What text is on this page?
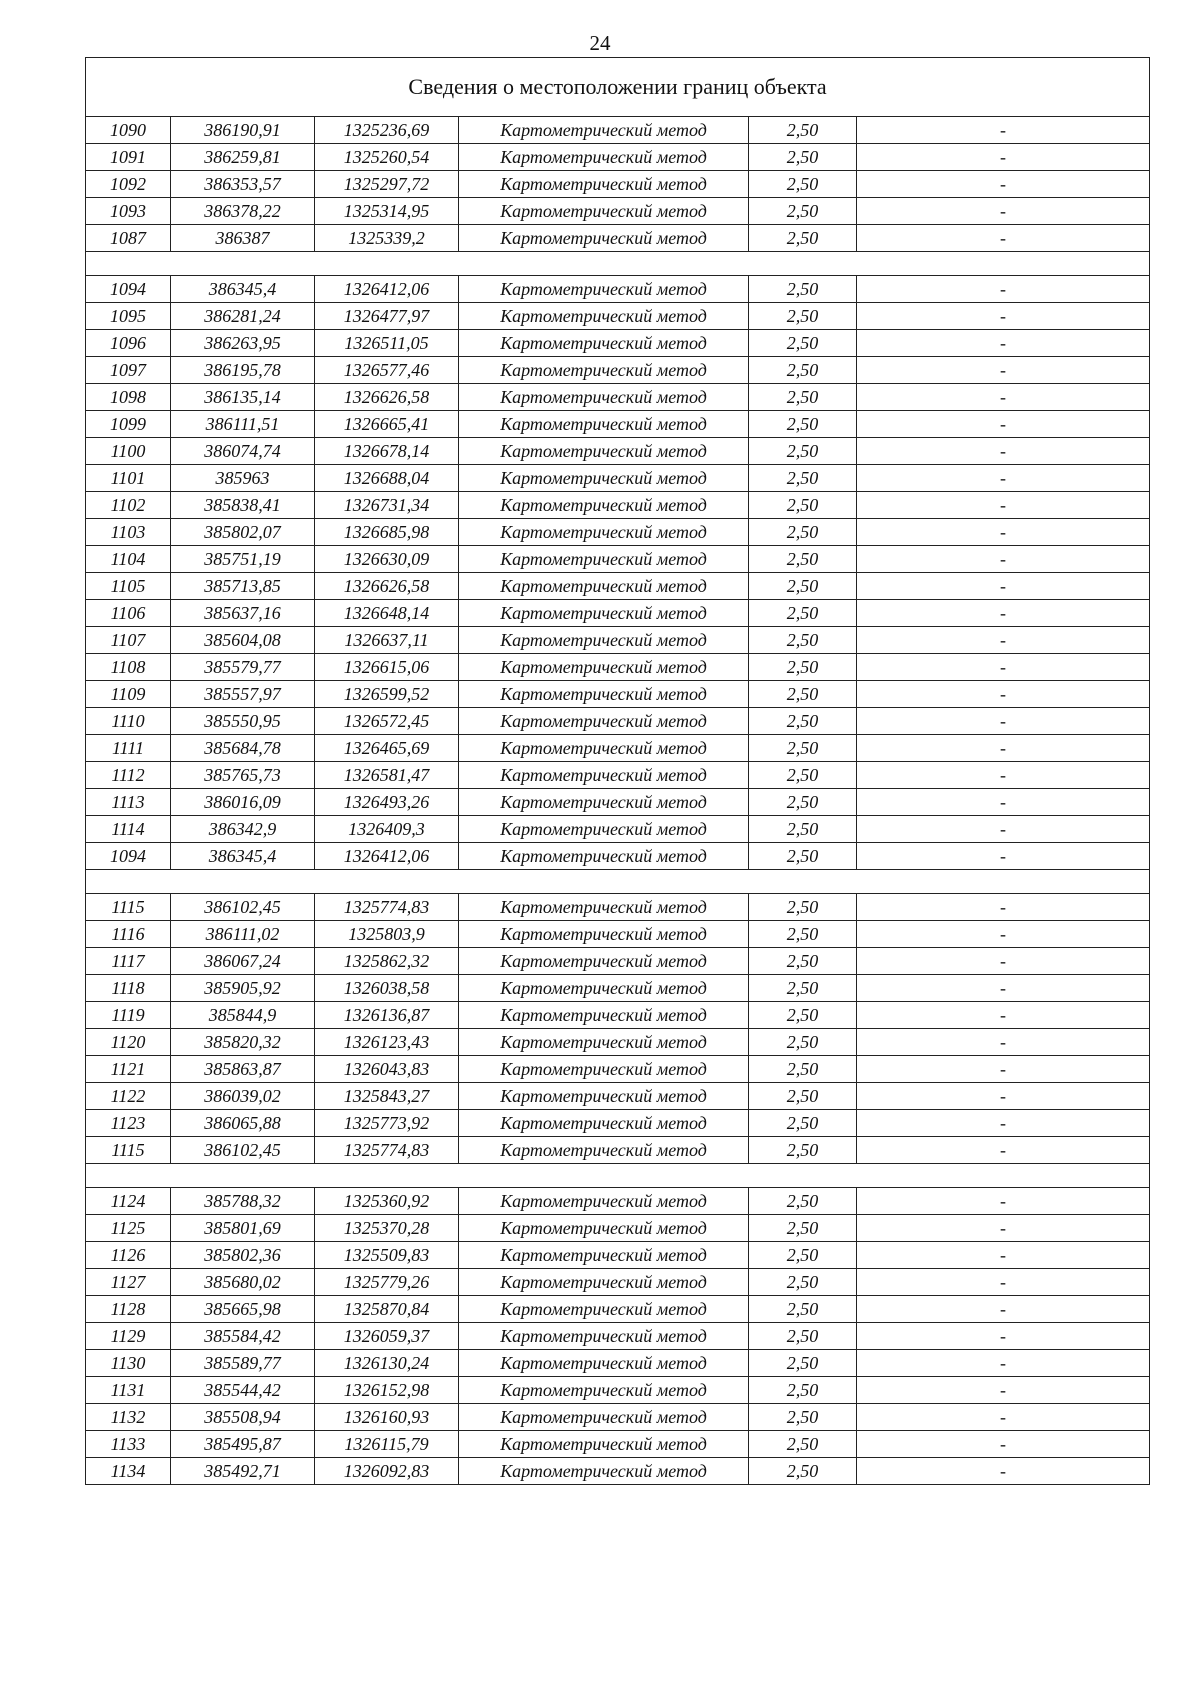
24
Сведения о местоположении границ объекта					
1090	386190,91	1325236,69	Картометрический метод	2,50	-
1091	386259,81	1325260,54	Картометрический метод	2,50	-
1092	386353,57	1325297,72	Картометрический метод	2,50	-
1093	386378,22	1325314,95	Картометрический метод	2,50	-
1087	386387	1325339,2	Картометрический метод	2,50	-

1094	386345,4	1326412,06	Картометрический метод	2,50	-
1095	386281,24	1326477,97	Картометрический метод	2,50	-
1096	386263,95	1326511,05	Картометрический метод	2,50	-
1097	386195,78	1326577,46	Картометрический метод	2,50	-
1098	386135,14	1326626,58	Картометрический метод	2,50	-
1099	386111,51	1326665,41	Картометрический метод	2,50	-
1100	386074,74	1326678,14	Картометрический метод	2,50	-
1101	385963	1326688,04	Картометрический метод	2,50	-
1102	385838,41	1326731,34	Картометрический метод	2,50	-
1103	385802,07	1326685,98	Картометрический метод	2,50	-
1104	385751,19	1326630,09	Картометрический метод	2,50	-
1105	385713,85	1326626,58	Картометрический метод	2,50	-
1106	385637,16	1326648,14	Картометрический метод	2,50	-
1107	385604,08	1326637,11	Картометрический метод	2,50	-
1108	385579,77	1326615,06	Картометрический метод	2,50	-
1109	385557,97	1326599,52	Картометрический метод	2,50	-
1110	385550,95	1326572,45	Картометрический метод	2,50	-
1111	385684,78	1326465,69	Картометрический метод	2,50	-
1112	385765,73	1326581,47	Картометрический метод	2,50	-
1113	386016,09	1326493,26	Картометрический метод	2,50	-
1114	386342,9	1326409,3	Картометрический метод	2,50	-
1094	386345,4	1326412,06	Картометрический метод	2,50	-

1115	386102,45	1325774,83	Картометрический метод	2,50	-
1116	386111,02	1325803,9	Картометрический метод	2,50	-
1117	386067,24	1325862,32	Картометрический метод	2,50	-
1118	385905,92	1326038,58	Картометрический метод	2,50	-
1119	385844,9	1326136,87	Картометрический метод	2,50	-
1120	385820,32	1326123,43	Картометрический метод	2,50	-
1121	385863,87	1326043,83	Картометрический метод	2,50	-
1122	386039,02	1325843,27	Картометрический метод	2,50	-
1123	386065,88	1325773,92	Картометрический метод	2,50	-
1115	386102,45	1325774,83	Картометрический метод	2,50	-

1124	385788,32	1325360,92	Картометрический метод	2,50	-
1125	385801,69	1325370,28	Картометрический метод	2,50	-
1126	385802,36	1325509,83	Картометрический метод	2,50	-
1127	385680,02	1325779,26	Картометрический метод	2,50	-
1128	385665,98	1325870,84	Картометрический метод	2,50	-
1129	385584,42	1326059,37	Картометрический метод	2,50	-
1130	385589,77	1326130,24	Картометрический метод	2,50	-
1131	385544,42	1326152,98	Картометрический метод	2,50	-
1132	385508,94	1326160,93	Картометрический метод	2,50	-
1133	385495,87	1326115,79	Картометрический метод	2,50	-
1134	385492,71	1326092,83	Картометрический метод	2,50	-
